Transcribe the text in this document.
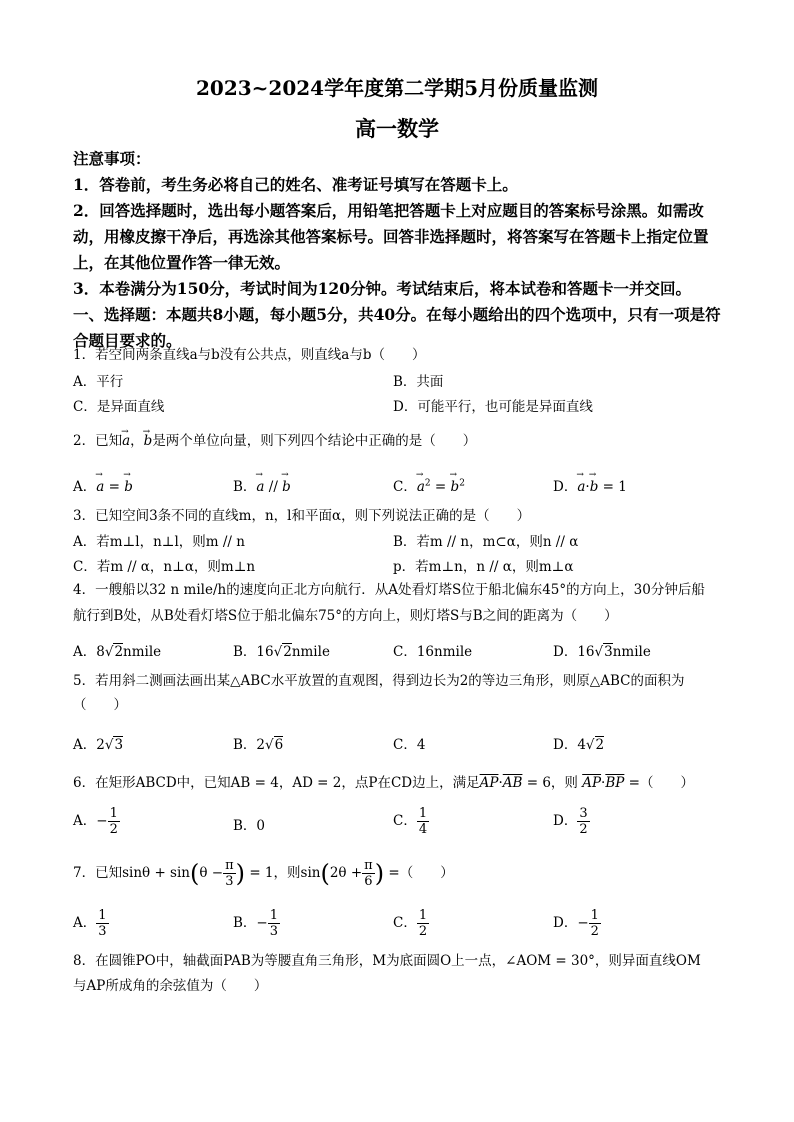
2023~2024学年度第二学期5月份质量监测
高一数学
注意事项：
1．答卷前，考生务必将自己的姓名、准考证号填写在答题卡上。
2．回答选择题时，选出每小题答案后，用铅笔把答题卡上对应题目的答案标号涂黑。如需改动，用橡皮擦干净后，再选涂其他答案标号。回答非选择题时，将答案写在答题卡上指定位置上，在其他位置作答一律无效。
3．本卷满分为150分，考试时间为120分钟。考试结束后，将本试卷和答题卡一并交回。
一、选择题：本题共8小题，每小题5分，共40分。在每小题给出的四个选项中，只有一项是符合题目要求的。
1．若空间两条直线a与b没有公共点，则直线a与b（　　）
A．平行	B．共面
C．是异面直线	D．可能平行，也可能是异面直线
2．已知→ a，→ b是两个单位向量，则下列四个结论中正确的是（　　）
A．→ a = → b	B．→ a // → b	C．→ $a^2$ = → $b^2$	D．→ a·→ b = 1
3．已知空间3条不同的直线m，n，l和平面α，则下列说法正确的是（　　）
A．若m⊥l，n⊥l，则m // n	B．若m // n，m⊂α，则n // α
C．若m // α，n⊥α，则m⊥n	p．若m⊥n，n // α，则m⊥α
4．一艘船以32 n mile/h的速度向正北方向航行．从A处看灯塔S位于船北偏东45°的方向上，30分钟后船
航行到B处，从B处看灯塔S位于船北偏东75°的方向上，则灯塔S与B之间的距离为（　　）
A．8√2nmile	B．16√2nmile	C．16nmile	D．16√3nmile
5．若用斜二测画法画出某△ABC水平放置的直观图，得到边长为2的等边三角形，则原△ABC的面积为
（　　）
A．2√3	B．2√6	C．4	D．4√2
6．在矩形ABCD中，已知AB = 4，AD = 2，点P在CD边上，满足$\overline{AP}\cdot\overline{AB} = 6$，则 $\overline{AP}\cdot\overline{BP}$ =（　　）
A．− $\frac{1}{2}$	B．0	C． $\frac{1}{4}$	D． $\frac{3}{2}$
7．已知$\sin\theta + \sin(\theta - \frac{\pi}{3}$ ) = 1，则$\sin(2\theta + \frac{\pi}{6}$ ) =（　　）
A． $\frac{1}{3}$	B．− $\frac{1}{3}$	C． $\frac{1}{2}$	D．− $\frac{1}{2}$
8．在圆锥PO中，轴截面PAB为等腰直角三角形，M为底面圆O上一点，∠AOM = 30°，则异面直线OM
与AP所成角的余弦值为（　　）
